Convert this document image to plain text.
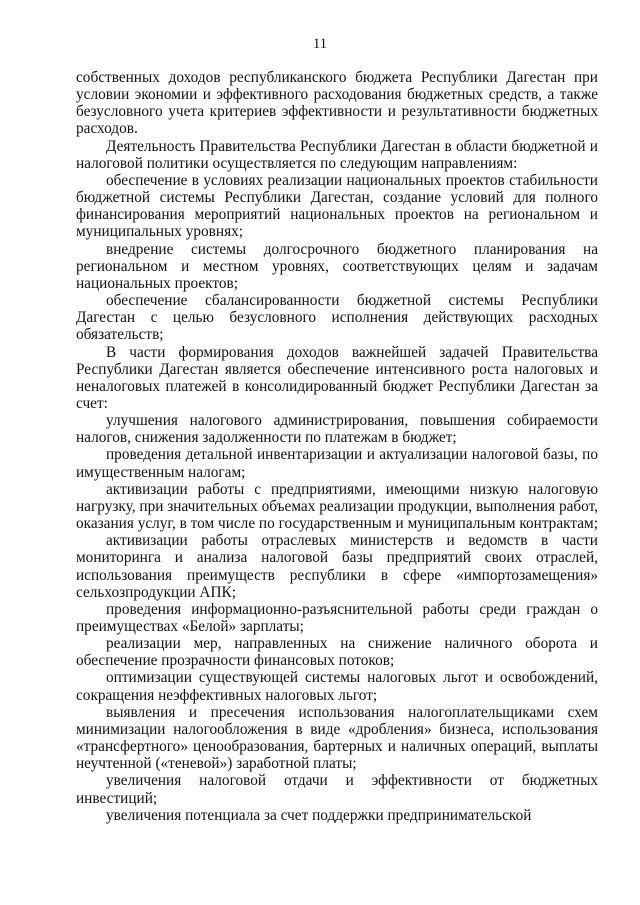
11

собственных доходов республиканского бюджета Республики Дагестан при условии экономии и эффективного расходования бюджетных средств, а также безусловного учета критериев эффективности и результативности бюджетных расходов.

Деятельность Правительства Республики Дагестан в области бюджетной и налоговой политики осуществляется по следующим направлениям:

обеспечение в условиях реализации национальных проектов стабильности бюджетной системы Республики Дагестан, создание условий для полного финансирования мероприятий национальных проектов на региональном и муниципальных уровнях;

внедрение системы долгосрочного бюджетного планирования на региональном и местном уровнях, соответствующих целям и задачам национальных проектов;

обеспечение сбалансированности бюджетной системы Республики Дагестан с целью безусловного исполнения действующих расходных обязательств;

В части формирования доходов важнейшей задачей Правительства Республики Дагестан является обеспечение интенсивного роста налоговых и неналоговых платежей в консолидированный бюджет Республики Дагестан за счет:

улучшения налогового администрирования, повышения собираемости налогов, снижения задолженности по платежам в бюджет;

проведения детальной инвентаризации и актуализации налоговой базы, по имущественным налогам;

активизации работы с предприятиями, имеющими низкую налоговую нагрузку, при значительных объемах реализации продукции, выполнения работ, оказания услуг, в том числе по государственным и муниципальным контрактам;

активизации работы отраслевых министерств и ведомств в части мониторинга и анализа налоговой базы предприятий своих отраслей, использования преимуществ республики в сфере «импортозамещения» сельхозпродукции АПК;

проведения информационно-разъяснительной работы среди граждан о преимуществах «Белой» зарплаты;

реализации мер, направленных на снижение наличного оборота и обеспечение прозрачности финансовых потоков;

оптимизации существующей системы налоговых льгот и освобождений, сокращения неэффективных налоговых льгот;

выявления и пресечения использования налогоплательщиками схем минимизации налогообложения в виде «дробления» бизнеса, использования «трансфертного» ценообразования, бартерных и наличных операций, выплаты неучтенной («теневой») заработной платы;

увеличения налоговой отдачи и эффективности от бюджетных инвестиций;

увеличения потенциала за счет поддержки предпринимательской
